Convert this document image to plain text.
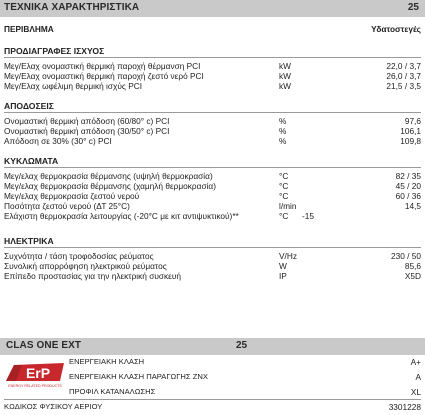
ΤΕΧΝΙΚΑ ΧΑΡΑΚΤΗΡΙΣΤΙΚΑ	25
ΠΕΡΙΒΛΗΜΑ	Υδατοστεγές
ΠΡΟΔΙΑΓΡΑΦΕΣ ΙΣΧΥΟΣ
Μεγ/Ελαχ ονομαστική θερμική παροχή θέρμανση PCI	kW	22,0 / 3,7
Μεγ/Ελαχ ονομαστική θερμική παροχή ζεστό νερό PCI	kW	26,0 / 3,7
Μεγ/Ελαχ ωφέλιμη θερμική ισχύς PCI	kW	21,5 / 3,5
ΑΠΟΔΟΣΕΙΣ
Ονομαστική θερμική απόδοση (60/80° c) PCI	%	97,6
Ονομαστική θερμική απόδοση (30/50° c) PCI	%	106,1
Απόδοση σε 30% (30° c) PCI	%	109,8
ΚΥΚΛΩΜΑΤΑ
Μεγ/ελαχ θερμοκρασία θέρμανσης (υψηλή θερμοκρασία)	°C	82 / 35
Μεγ/ελαχ θερμοκρασία θέρμανσης (χαμηλή θερμοκρασία)	°C	45 / 20
Μεγ/ελαχ θερμοκρασία ζεστού νερού	°C	60 / 36
Ποσότητα ζεστού νερού (ΔΤ 25°C)	l/min	14,5
Ελάχιστη θερμοκρασία λειτουργίας (-20°C με κιτ αντιψυκτικού)**	°C -15
ΗΛΕΚΤΡΙΚΑ
Συχνότητα / τάση τροφοδοσίας ρεύματος	V/Hz	230 / 50
Συνολική απορρόφηση ηλεκτρικού ρεύματος	W	85,6
Επίπεδο προστασίας για την ηλεκτρική συσκευή	IP	X5D
CLAS ONE EXT	25
ErP
ENERGY RELATED PRODUCTS
ΕΝΕΡΓΕΙΑΚΗ ΚΛΑΣΗ	A+
ΕΝΕΡΓΕΙΑΚΗ ΚΛΑΣΗ ΠΑΡΑΓΩΓΗΣ ΖΝΧ	A
ΠΡΟΦΙΛ ΚΑΤΑΝΑΛΩΣΗΣ	XL
ΚΩΔΙΚΟΣ ΦΥΣΙΚΟΥ ΑΕΡΙΟΥ	3301228
